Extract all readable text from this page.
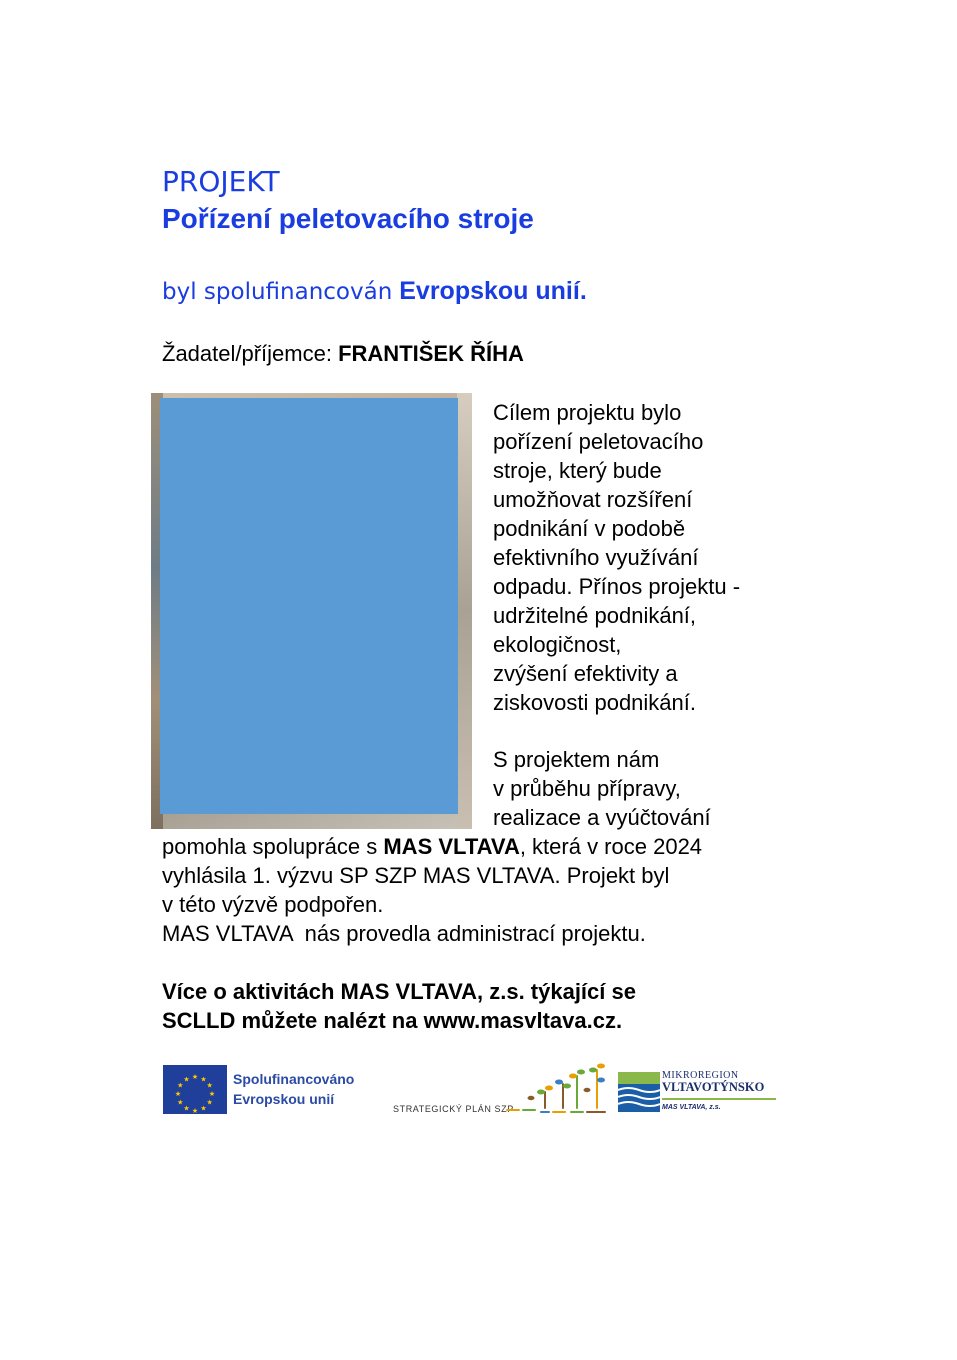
PROJEKT
Pořízení peletovacího stroje
byl spolufinancován Evropskou unií.
Žadatel/příjemce: FRANTIŠEK ŘÍHA
Cílem projektu bylo
pořízení peletovacího
stroje, který bude
umožňovat rozšíření
podnikání v podobě
efektivního využívání
odpadu. Přínos projektu -
udržitelné podnikání,
ekologičnost,
zvýšení efektivity a
ziskovosti podnikání.
S projektem nám
v průběhu přípravy,
realizace a vyúčtování
pomohla spolupráce s MAS VLTAVA, která v roce 2024
vyhlásila 1. výzvu SP SZP MAS VLTAVA. Projekt byl
v této výzvě podpořen.
MAS VLTAVA  nás provedla administrací projektu.
Více o aktivitách MAS VLTAVA, z.s. týkající se
SCLLD můžete nalézt na www.masvltava.cz.
★ ★
★
★
★
★
★
★
★
★
★
★	Spolufinancováno
Evropskou unií
STRATEGICKÝ PLÁN SZP
MIKROREGION
VLTAVOTÝNSKO
MAS VLTAVA, z.s.
